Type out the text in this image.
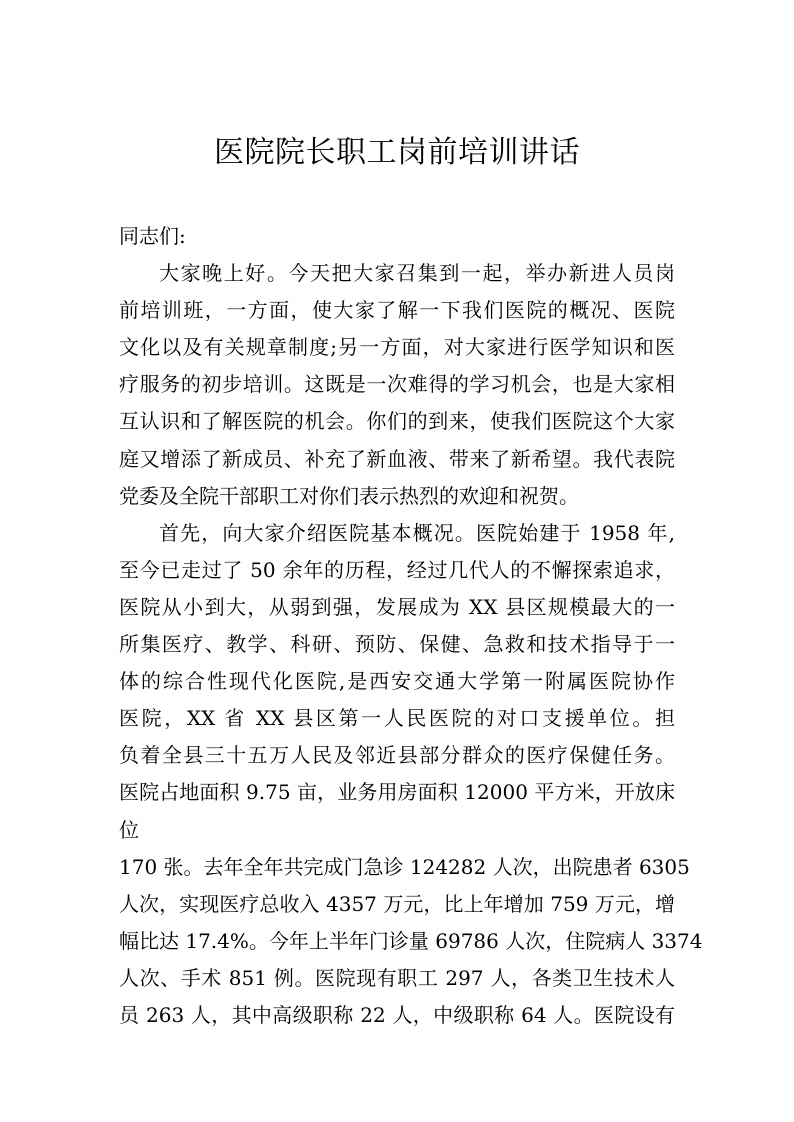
医院院长职工岗前培训讲话
同志们:
大家晚上好。今天把大家召集到一起，举办新进人员岗
前培训班，一方面，使大家了解一下我们医院的概况、医院
文化以及有关规章制度;另一方面，对大家进行医学知识和医
疗服务的初步培训。这既是一次难得的学习机会，也是大家相
互认识和了解医院的机会。你们的到来，使我们医院这个大家
庭又增添了新成员、补充了新血液、带来了新希望。我代表院
党委及全院干部职工对你们表示热烈的欢迎和祝贺。
首先，向大家介绍医院基本概况。医院始建于 1958 年,
至今已走过了 50 余年的历程，经过几代人的不懈探索追求，
医院从小到大，从弱到强，发展成为 XX 县区规模最大的一
所集医疗、教学、科研、预防、保健、急救和技术指导于一
体的综合性现代化医院,是西安交通大学第一附属医院协作
医院，XX 省 XX 县区第一人民医院的对口支援单位。担
负着全县三十五万人民及邻近县部分群众的医疗保健任务。
医院占地面积 9.75 亩，业务用房面积 12000 平方米，开放床
位
170 张。去年全年共完成门急诊 124282 人次，出院患者 6305
人次，实现医疗总收入 4357 万元，比上年增加 759 万元，增
幅比达 17.4%。今年上半年门诊量 69786 人次，住院病人 3374
人次、手术 851 例。医院现有职工 297 人，各类卫生技术人
员 263 人，其中高级职称 22 人，中级职称 64 人。医院设有
